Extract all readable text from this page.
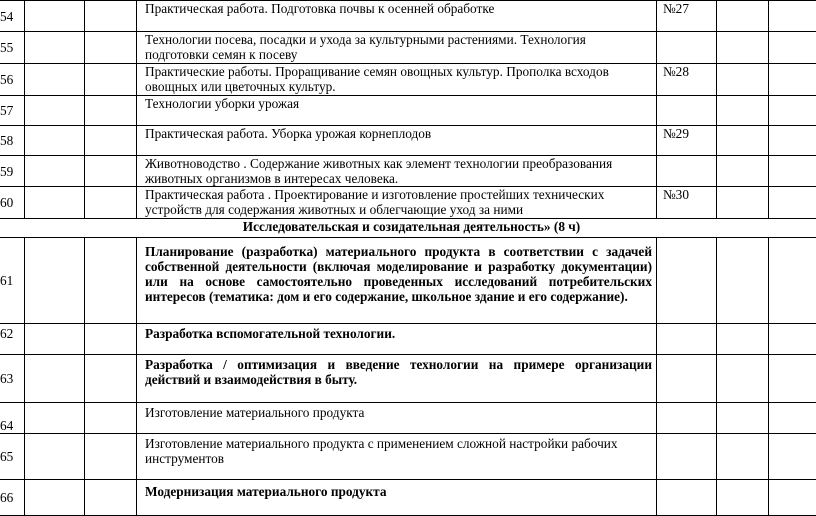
54			Практическая работа. Подготовка почвы к осенней обработке	№27		
55			Технологии посева, посадки и ухода за культурными растениями. Технология подготовки семян к посеву			
56			Практические работы. Проращивание семян овощных культур. Прополка всходов овощных или цветочных культур.	№28		
57			Технологии уборки урожая			
58			Практическая работа. Уборка урожая корнеплодов	№29		
59			Животноводство . Содержание животных как элемент технологии преобразования животных организмов в интересах человека.			
60			Практическая работа . Проектирование и изготовление простейших технических устройств для содержания животных и облегчающие уход за ними	№30		
Исследовательская и созидательная деятельность» (8 ч)						
61			Планирование (разработка) материального продукта в соответствии с задачей собственной деятельности (включая моделирование и разработку документации) или на основе самостоятельно проведенных исследований потребительских интересов (тематика: дом и его содержание, школьное здание и его содержание).			
62			Разработка вспомогательной технологии.			
63			Разработка / оптимизация и введение технологии на примере организации действий и взаимодействия в быту.			
64			Изготовление материального продукта			
65			Изготовление материального продукта с применением сложной настройки рабочих инструментов			
66			Модернизация материального продукта			
